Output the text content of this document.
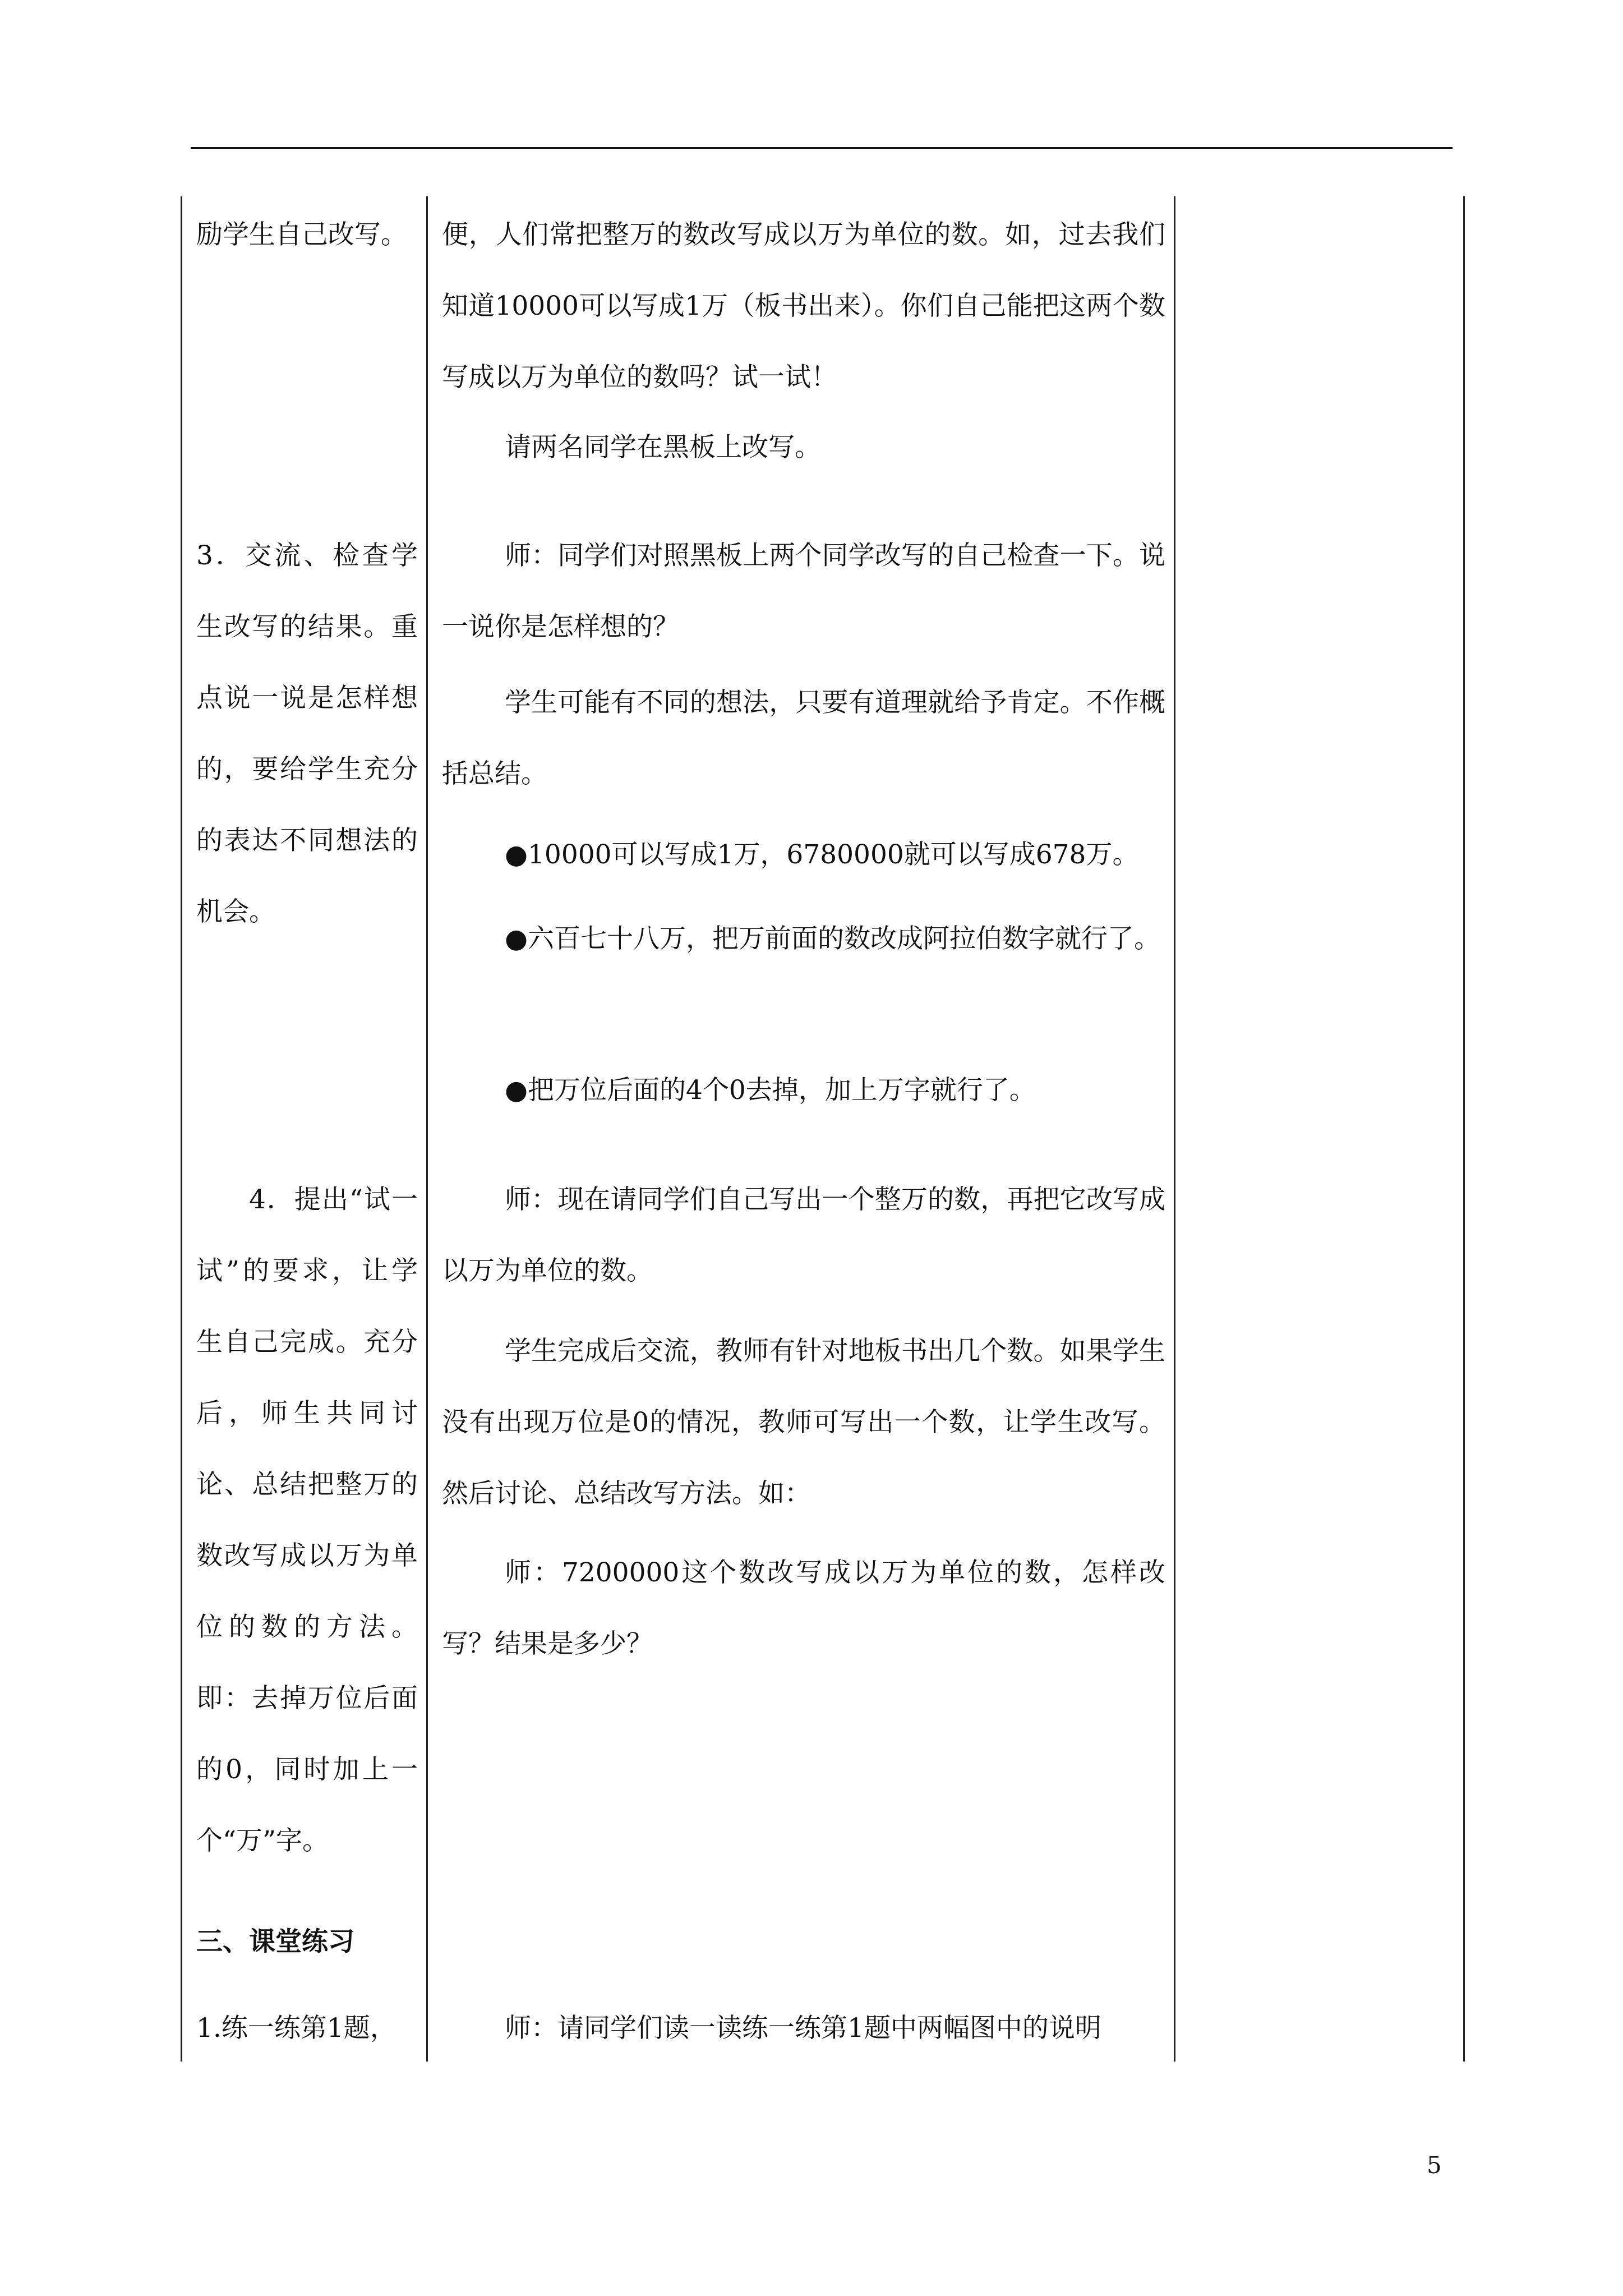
励学生自己改写。
3．交流、检查学生改写的结果。重点说一说是怎样想的，要给学生充分的表达不同想法的机会。
4．提出“试一试”的要求，让学生自己完成。充分后，师生共同讨论、总结把整万的数改写成以万为单位的数的方法。即：去掉万位后面的0，同时加上一个“万”字。
三、课堂练习
1.练一练第1题，
便，人们常把整万的数改写成以万为单位的数。如，过去我们知道10000可以写成1万（板书出来）。你们自己能把这两个数写成以万为单位的数吗？试一试！
请两名同学在黑板上改写。
师：同学们对照黑板上两个同学改写的自己检查一下。说一说你是怎样想的？
学生可能有不同的想法，只要有道理就给予肯定。不作概括总结。
●10000可以写成1万，6780000就可以写成678万。
●六百七十八万，把万前面的数改成阿拉伯数字就行了。
●把万位后面的4个0去掉，加上万字就行了。
师：现在请同学们自己写出一个整万的数，再把它改写成以万为单位的数。
学生完成后交流，教师有针对地板书出几个数。如果学生没有出现万位是0的情况，教师可写出一个数，让学生改写。然后讨论、总结改写方法。如：
师：7200000这个数改写成以万为单位的数，怎样改写？结果是多少？
师：请同学们读一读练一练第1题中两幅图中的说明
5
